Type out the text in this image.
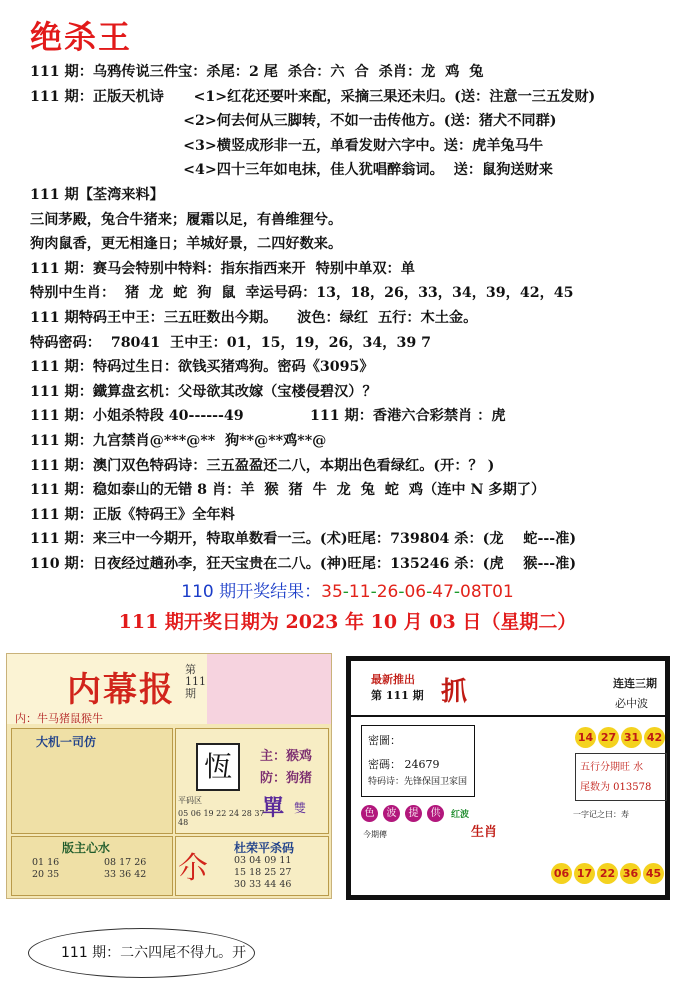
绝杀王
111 期：乌鸦传说三件宝：杀尾：2 尾  杀合：六  合  杀肖：龙  鸡  兔
111 期：正版天机诗      <1>红花还要叶来配，采摘三果还未归。(送：注意一三五发财)
<2>何去何从三脚转，不如一击传他方。(送：猪犬不同群)
<3>横竖成形非一五，单看发财六字中。送：虎羊兔马牛
<4>四十三年如电抹，佳人犹唱醉翁词。  送：鼠狗送财来
111 期【荃湾来料】
三间茅殿，兔合牛猪来；履霜以足，有兽维狸兮。
狗肉鼠香，更无相逢日；羊城好景，二四好数来。
111 期：赛马会特别中特料：指东指西来开  特别中单双：单
特别中生肖：  猪  龙  蛇  狗  鼠  幸运号码：13，18，26，33，34，39，42，45
111 期特码王中王：三五旺数出今期。    波色：绿红  五行：木土金。
特码密码：  78041  王中王：01，15，19，26，34，39 7
111 期：特码过生日：欲钱买猪鸡狗。密码《3095》
111 期：鐵算盘玄机：父母欲其改嫁（宝楼侵碧汉）？
111 期：小姐杀特段 40------49	111 期：香港六合彩禁肖 ：虎
111 期：九宫禁肖@***@**  狗**@**鸡**@
111 期：澳门双色特码诗：三五盈盈还二八，本期出色看绿红。(开：？ )
111 期：稳如泰山的无错 8 肖：羊  猴  猪  牛  龙  兔  蛇  鸡（连中 N 多期了）
111 期：正版《特码王》全年料
111 期：来三中一今期开，特取单数看一三。(术)旺尾：739804 杀：(龙    蛇---准)
110 期：日夜经过趟孙李，狂天宝贵在二八。(神)旺尾：135246 杀：(虎    猴---准)
110 期开奖结果：35-11-26-06-47-08T01
111 期开奖日期为 2023 年 10 月 03 日（星期二）
内幕报
第111期
内：牛马猪鼠猴牛
大机一司仿
恆	主：猴鸡
防：狗猪
單 雙
平码区
05 06 19 22 24 28 37 48
版主心水
01 16
20 35
08 17 26
33 36 42 尒
杜荣平杀码
03 04 09 11
15 18 25 27
30 33 44 46
最新推出
第 111 期 抓	连连三期
必中波
密圖：
密碼： 24679
特码诗：先锋保国卫家国
14 27 31 42
五行分期旺 水
尾数为 013578
色	波	提	供	红波
今期傳	生肖
一字记之曰：寿
06 17 22 36 45
111 期：二六四尾不得九。开
